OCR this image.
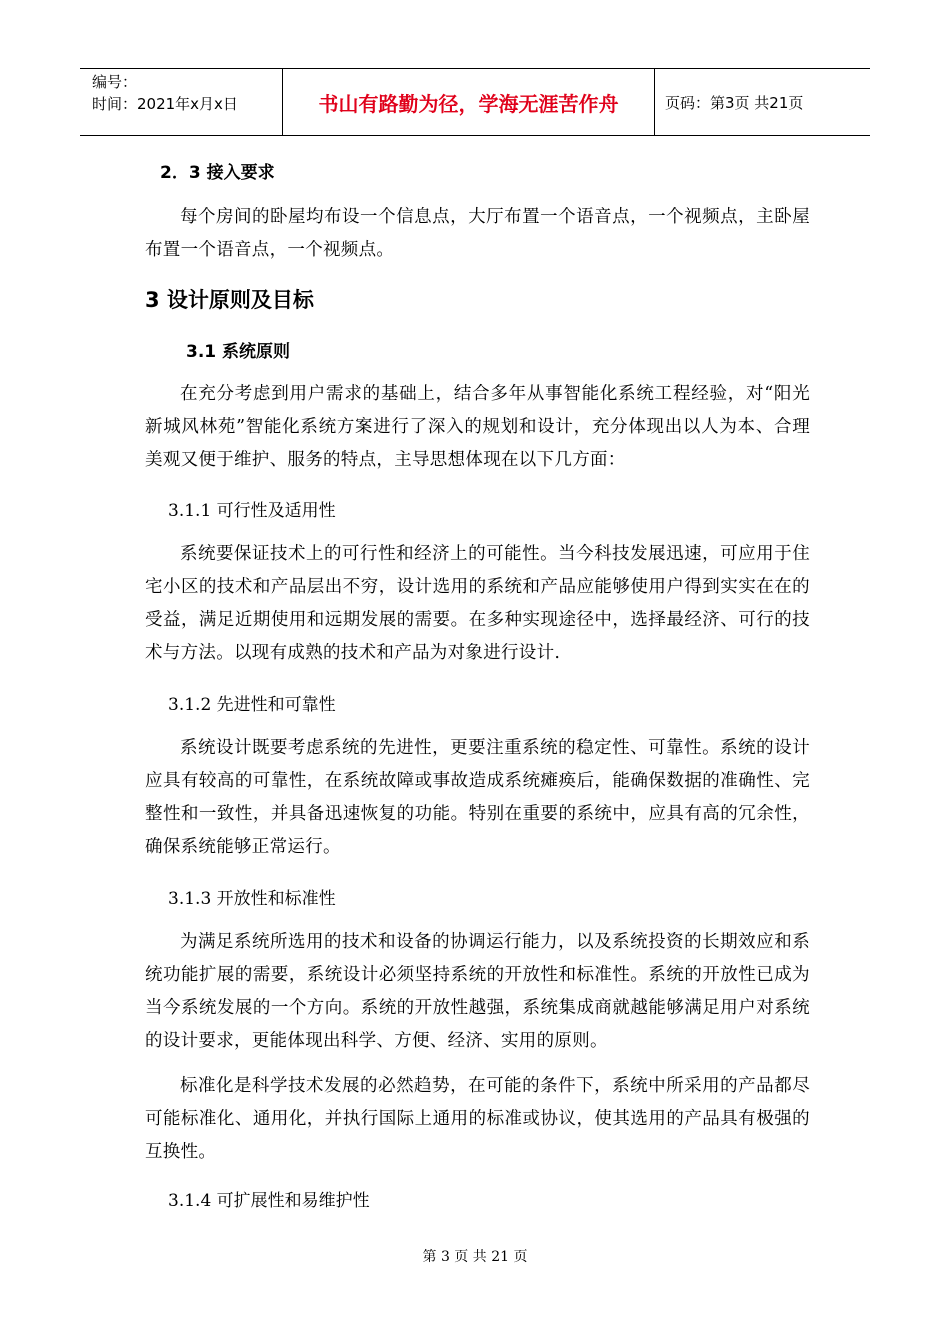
编号：
时间：2021年x月x日	书山有路勤为径，学海无涯苦作舟	页码：第3页 共21页
2．3 接入要求
每个房间的卧屋均布设一个信息点，大厅布置一个语音点，一个视频点，主卧屋布置一个语音点，一个视频点。
3 设计原则及目标
3.1 系统原则
在充分考虑到用户需求的基础上，结合多年从事智能化系统工程经验，对“阳光新城风林苑”智能化系统方案进行了深入的规划和设计，充分体现出以人为本、合理美观又便于维护、服务的特点，主导思想体现在以下几方面：
3.1.1 可行性及适用性
系统要保证技术上的可行性和经济上的可能性。当今科技发展迅速，可应用于住宅小区的技术和产品层出不穷，设计选用的系统和产品应能够使用户得到实实在在的受益，满足近期使用和远期发展的需要。在多种实现途径中，选择最经济、可行的技术与方法。以现有成熟的技术和产品为对象进行设计.
3.1.2 先进性和可靠性
系统设计既要考虑系统的先进性，更要注重系统的稳定性、可靠性。系统的设计应具有较高的可靠性，在系统故障或事故造成系统瘫痪后，能确保数据的准确性、完整性和一致性，并具备迅速恢复的功能。特别在重要的系统中，应具有高的冗余性，确保系统能够正常运行。
3.1.3 开放性和标准性
为满足系统所选用的技术和设备的协调运行能力，以及系统投资的长期效应和系统功能扩展的需要，系统设计必须坚持系统的开放性和标准性。系统的开放性已成为当今系统发展的一个方向。系统的开放性越强，系统集成商就越能够满足用户对系统的设计要求，更能体现出科学、方便、经济、实用的原则。
标准化是科学技术发展的必然趋势，在可能的条件下，系统中所采用的产品都尽可能标准化、通用化，并执行国际上通用的标准或协议，使其选用的产品具有极强的互换性。
3.1.4 可扩展性和易维护性
第 3 页 共 21 页
